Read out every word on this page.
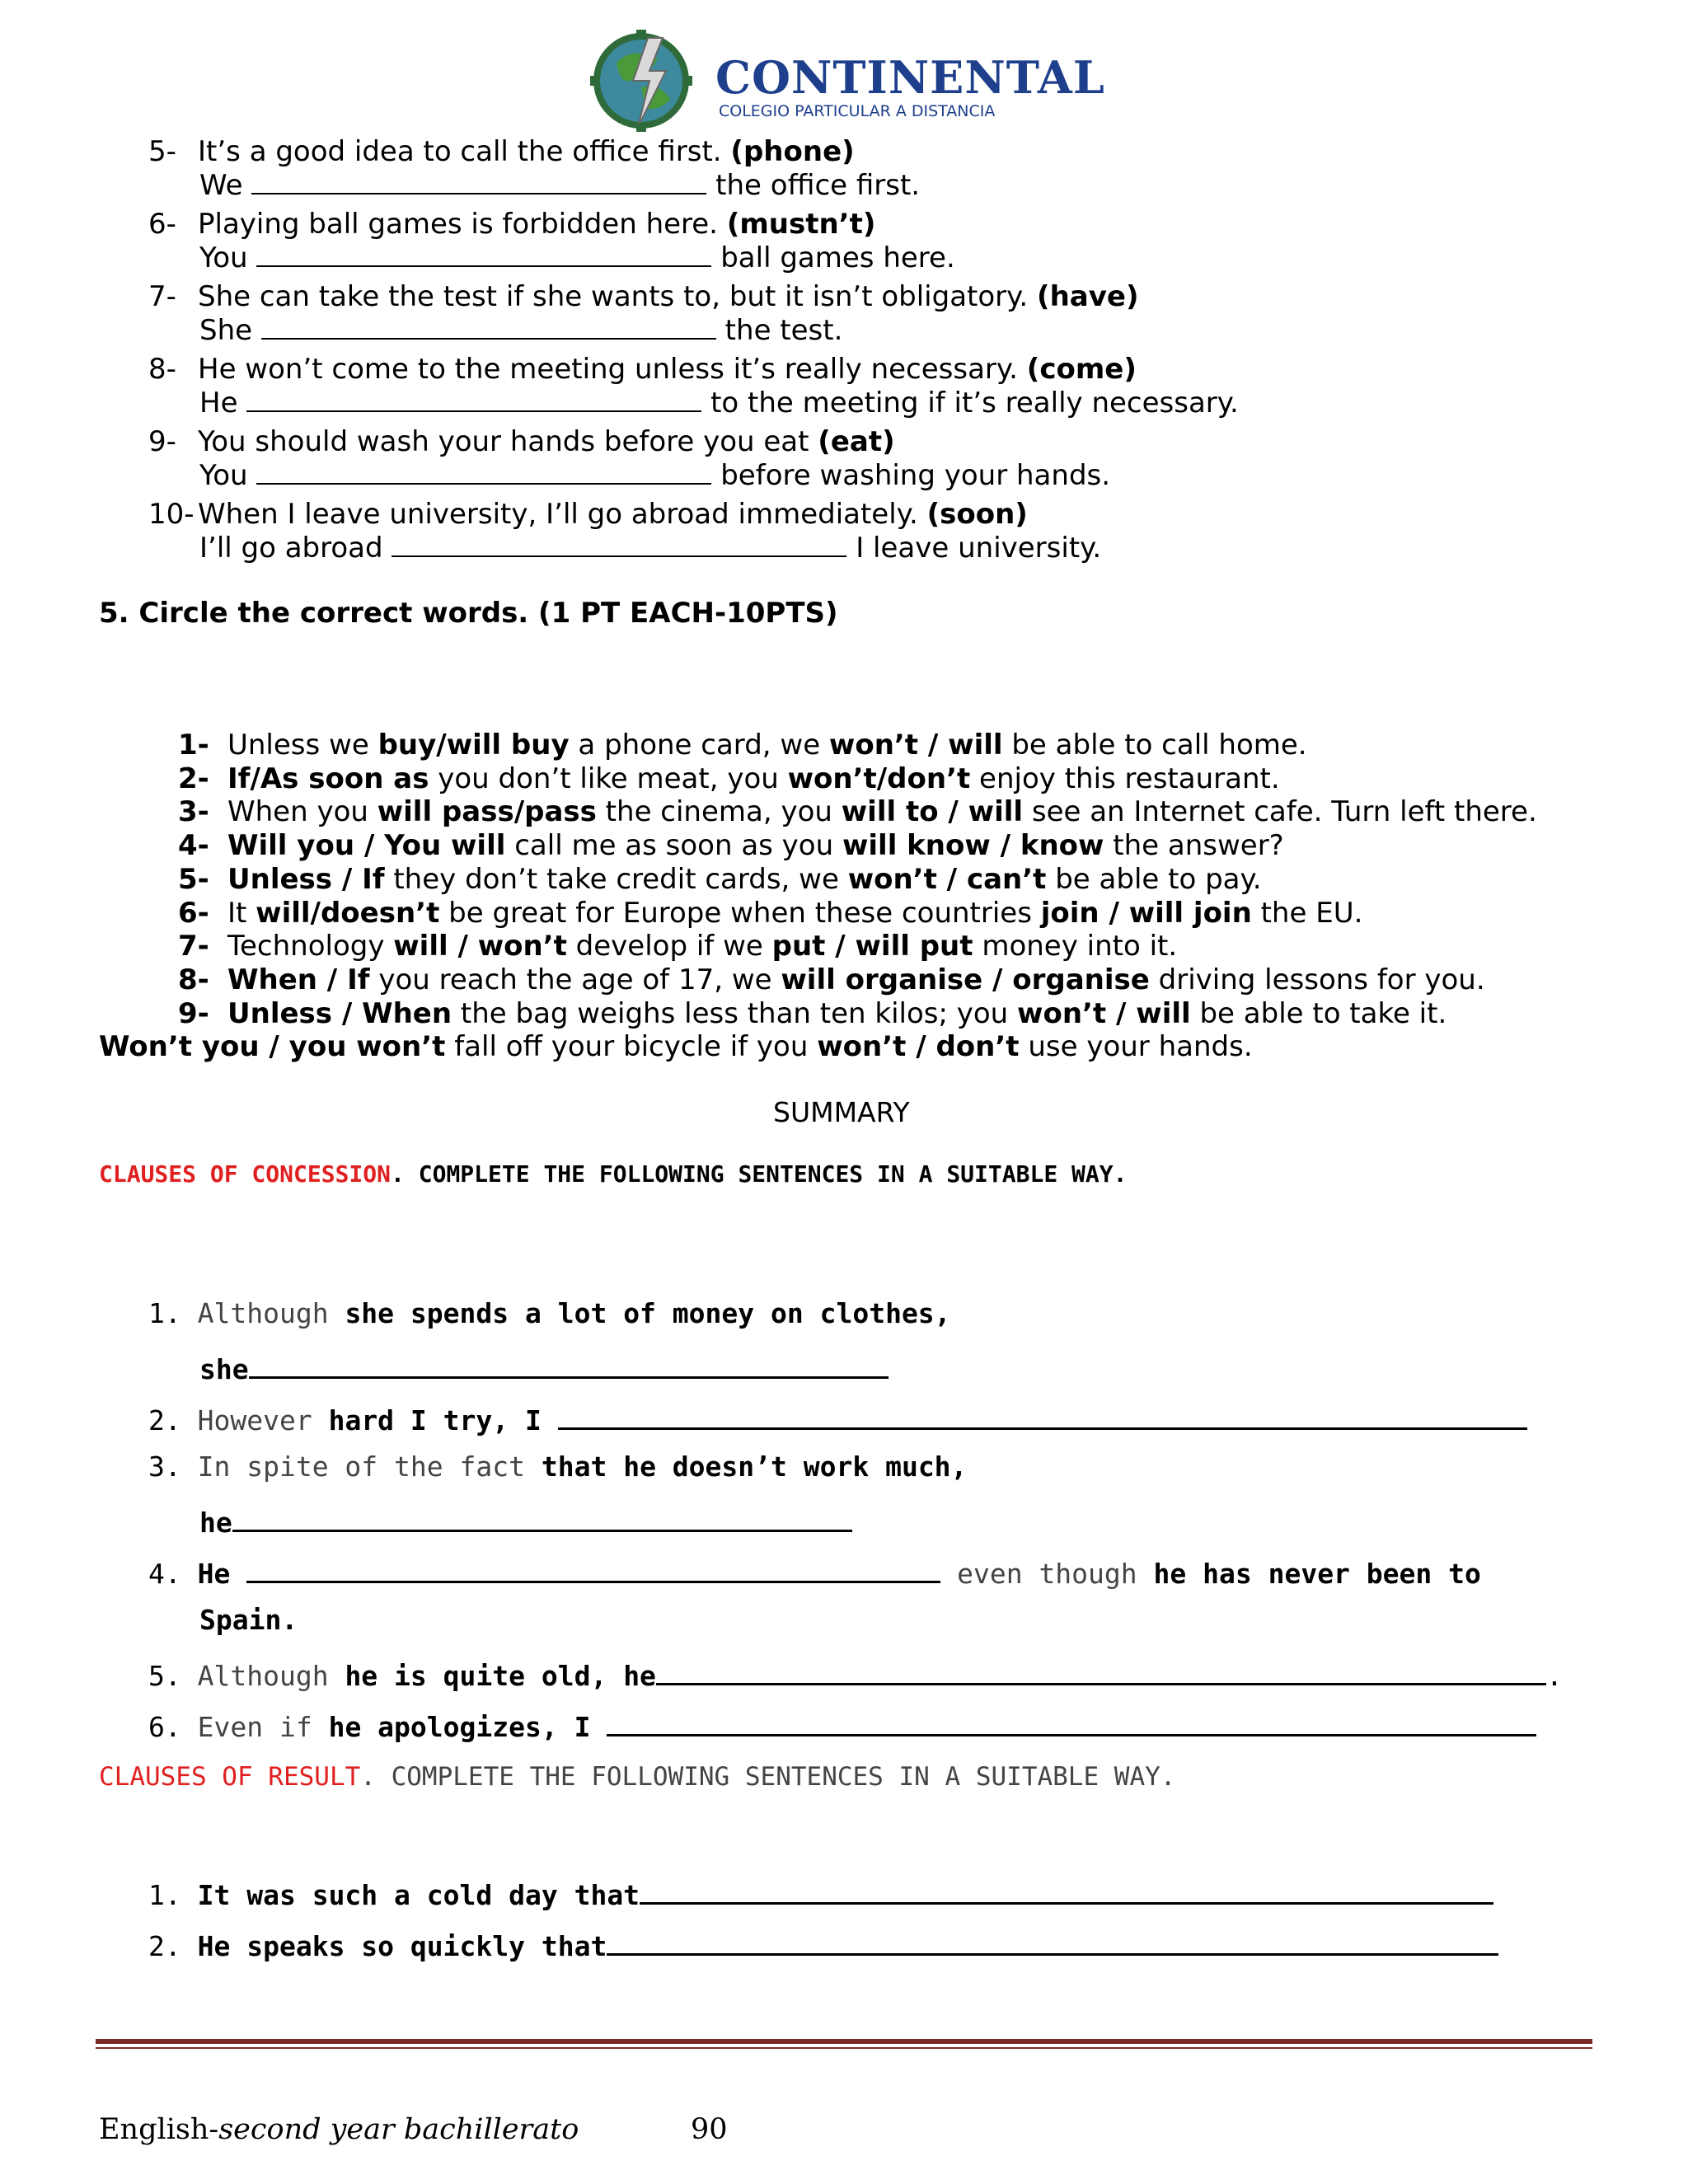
CONTINENTAL
COLEGIO PARTICULAR A DISTANCIA
5- It’s a good idea to call the office first. (phone)
We	the office first.
6- Playing ball games is forbidden here. (mustn’t)
You	ball games here.
7- She can take the test if she wants to, but it isn’t obligatory. (have)
She	the test.
8- He won’t come to the meeting unless it’s really necessary. (come)
He	to the meeting if it’s really necessary.
9- You should wash your hands before you eat (eat)
You	before washing your hands.
10- When I leave university, I’ll go abroad immediately. (soon)
I’ll go abroad	I leave university.
5. Circle the correct words. (1 PT EACH-10PTS)
1- Unless we buy/will buy a phone card, we won’t / will be able to call home.
2- If/As soon as you don’t like meat, you won’t/don’t enjoy this restaurant.
3- When you will pass/pass the cinema, you will to / will see an Internet cafe. Turn left there.
4- Will you / You will call me as soon as you will know / know the answer?
5- Unless / If they don’t take credit cards, we won’t / can’t be able to pay.
6- It will/doesn’t be great for Europe when these countries join / will join the EU.
7- Technology will / won’t develop if we put / will put money into it.
8- When / If you reach the age of 17, we will organise / organise driving lessons for you.
9- Unless / When the bag weighs less than ten kilos; you won’t / will be able to take it.
Won’t you / you won’t fall off your bicycle if you won’t / don’t use your hands.
SUMMARY
CLAUSES OF CONCESSION. COMPLETE THE FOLLOWING SENTENCES IN A SUITABLE WAY.
1. Although she spends a lot of money on clothes,
she
2. However hard I try, I
3. In spite of the fact that he doesn’t work much,
he
4. He	even though he has never been to
Spain.
5. Although he is quite old, he	.
6. Even if he apologizes, I
CLAUSES OF RESULT. COMPLETE THE FOLLOWING SENTENCES IN A SUITABLE WAY.
1. It was such a cold day that
2. He speaks so quickly that
English-second year bachillerato	90
